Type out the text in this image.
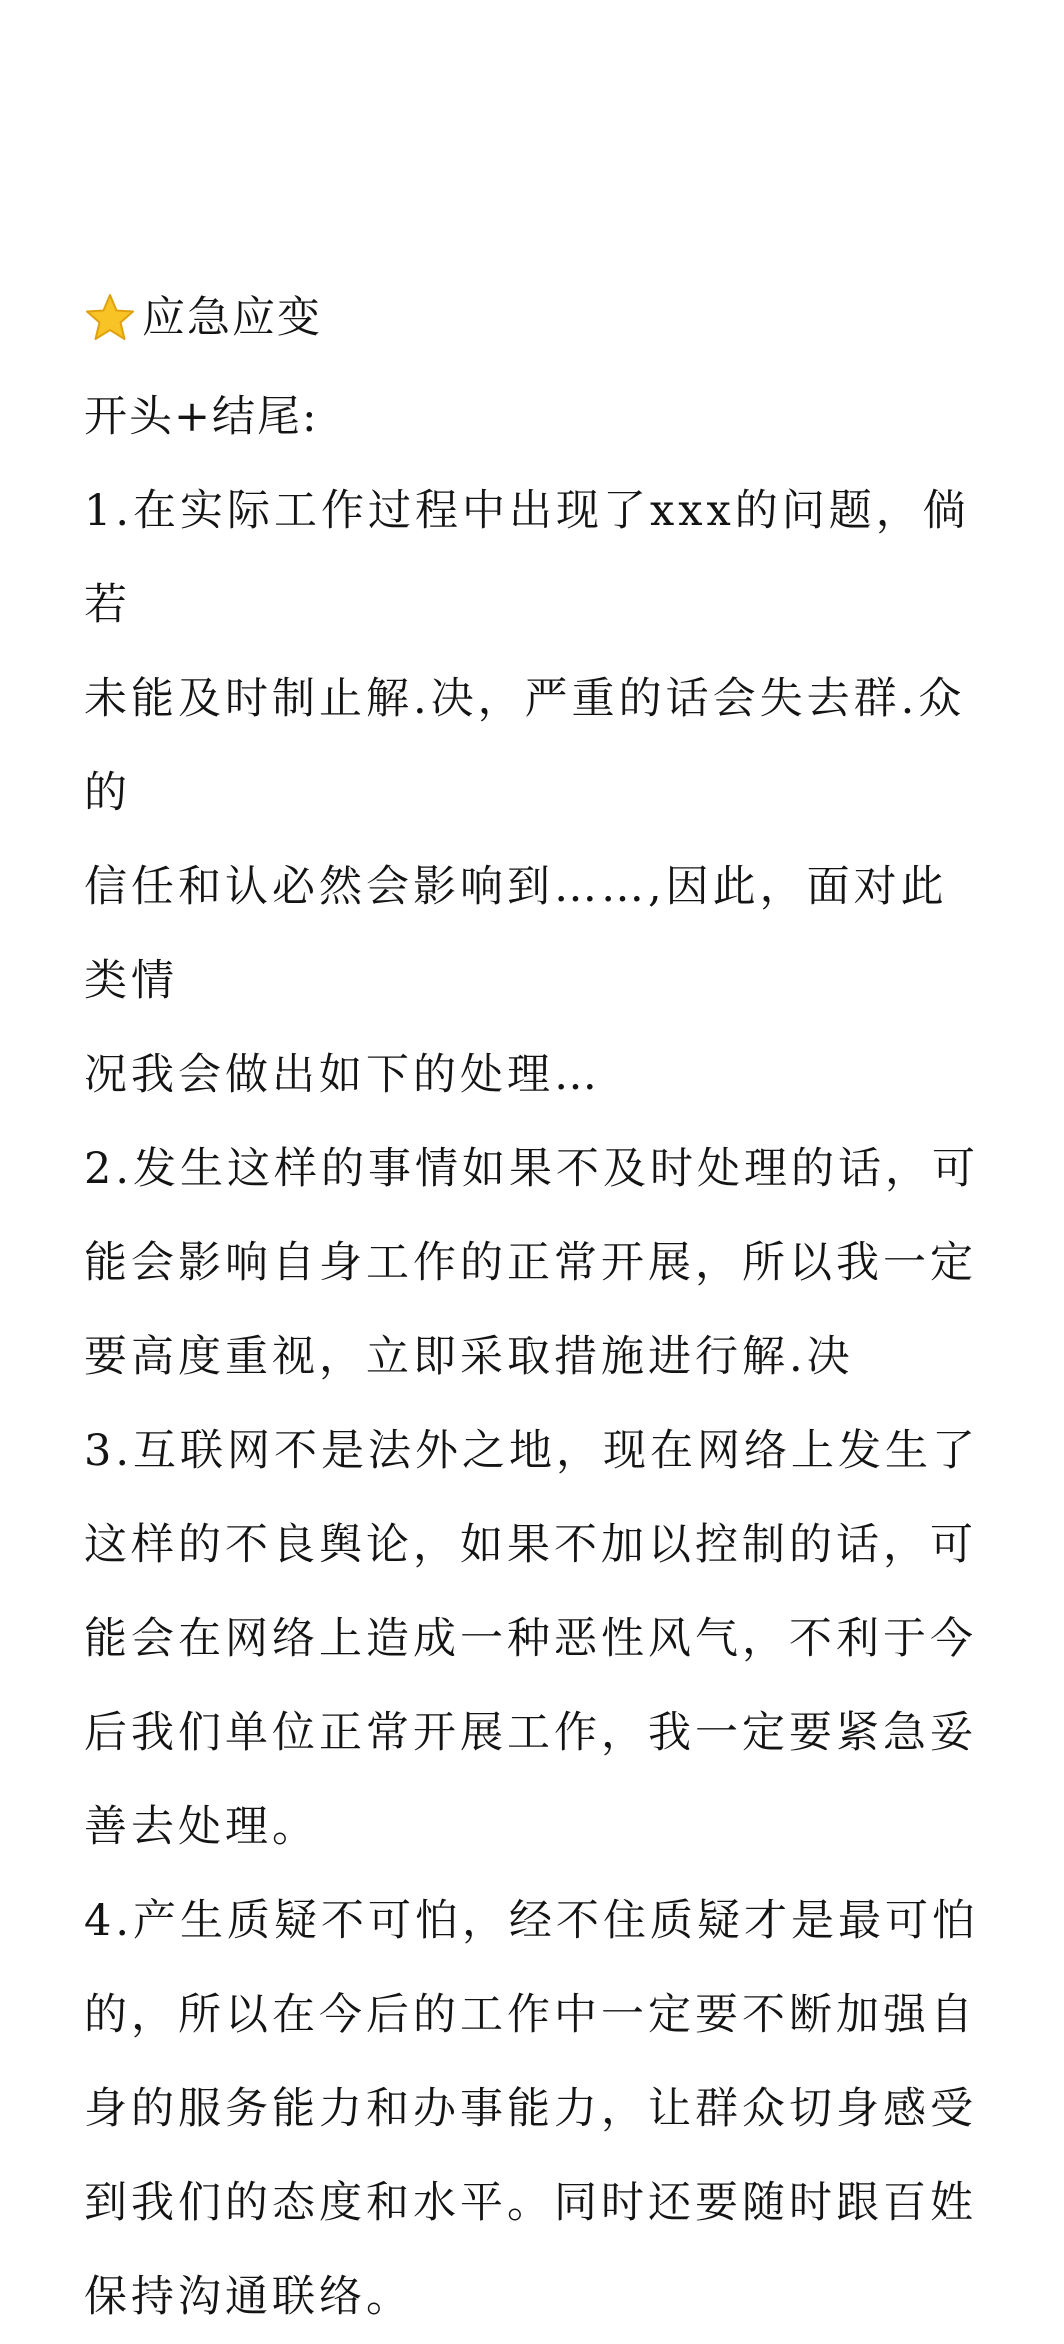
应急应变

开头+结尾:

1.在实际工作过程中出现了xxx的问题，倘若
未能及时制止解.决，严重的话会失去群.众的
信任和认必然会影响到……,因此，面对此类情
况我会做出如下的处理…

2.发生这样的事情如果不及时处理的话，可
能会影响自身工作的正常开展，所以我一定
要高度重视，立即采取措施进行解.决

3.互联网不是法外之地，现在网络上发生了
这样的不良舆论，如果不加以控制的话，可
能会在网络上造成一种恶性风气，不利于今
后我们单位正常开展工作，我一定要紧急妥
善去处理。

4.产生质疑不可怕，经不住质疑才是最可怕
的，所以在今后的工作中一定要不断加强自
身的服务能力和办事能力，让群众切身感受
到我们的态度和水平。同时还要随时跟百姓
保持沟通联络。
